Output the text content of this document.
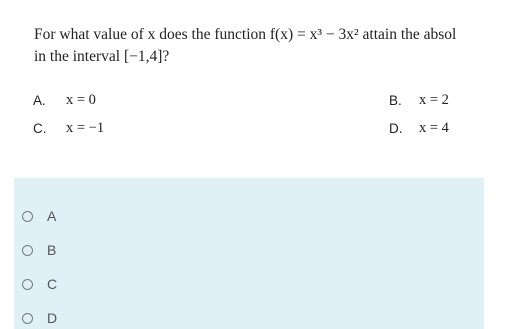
For what value of x does the function f(x) = x³ − 3x² attain the absol
in the interval [−1,4]?
A. x = 0	B. x = 2
C. x = −1	D. x = 4
A
B
C
D
